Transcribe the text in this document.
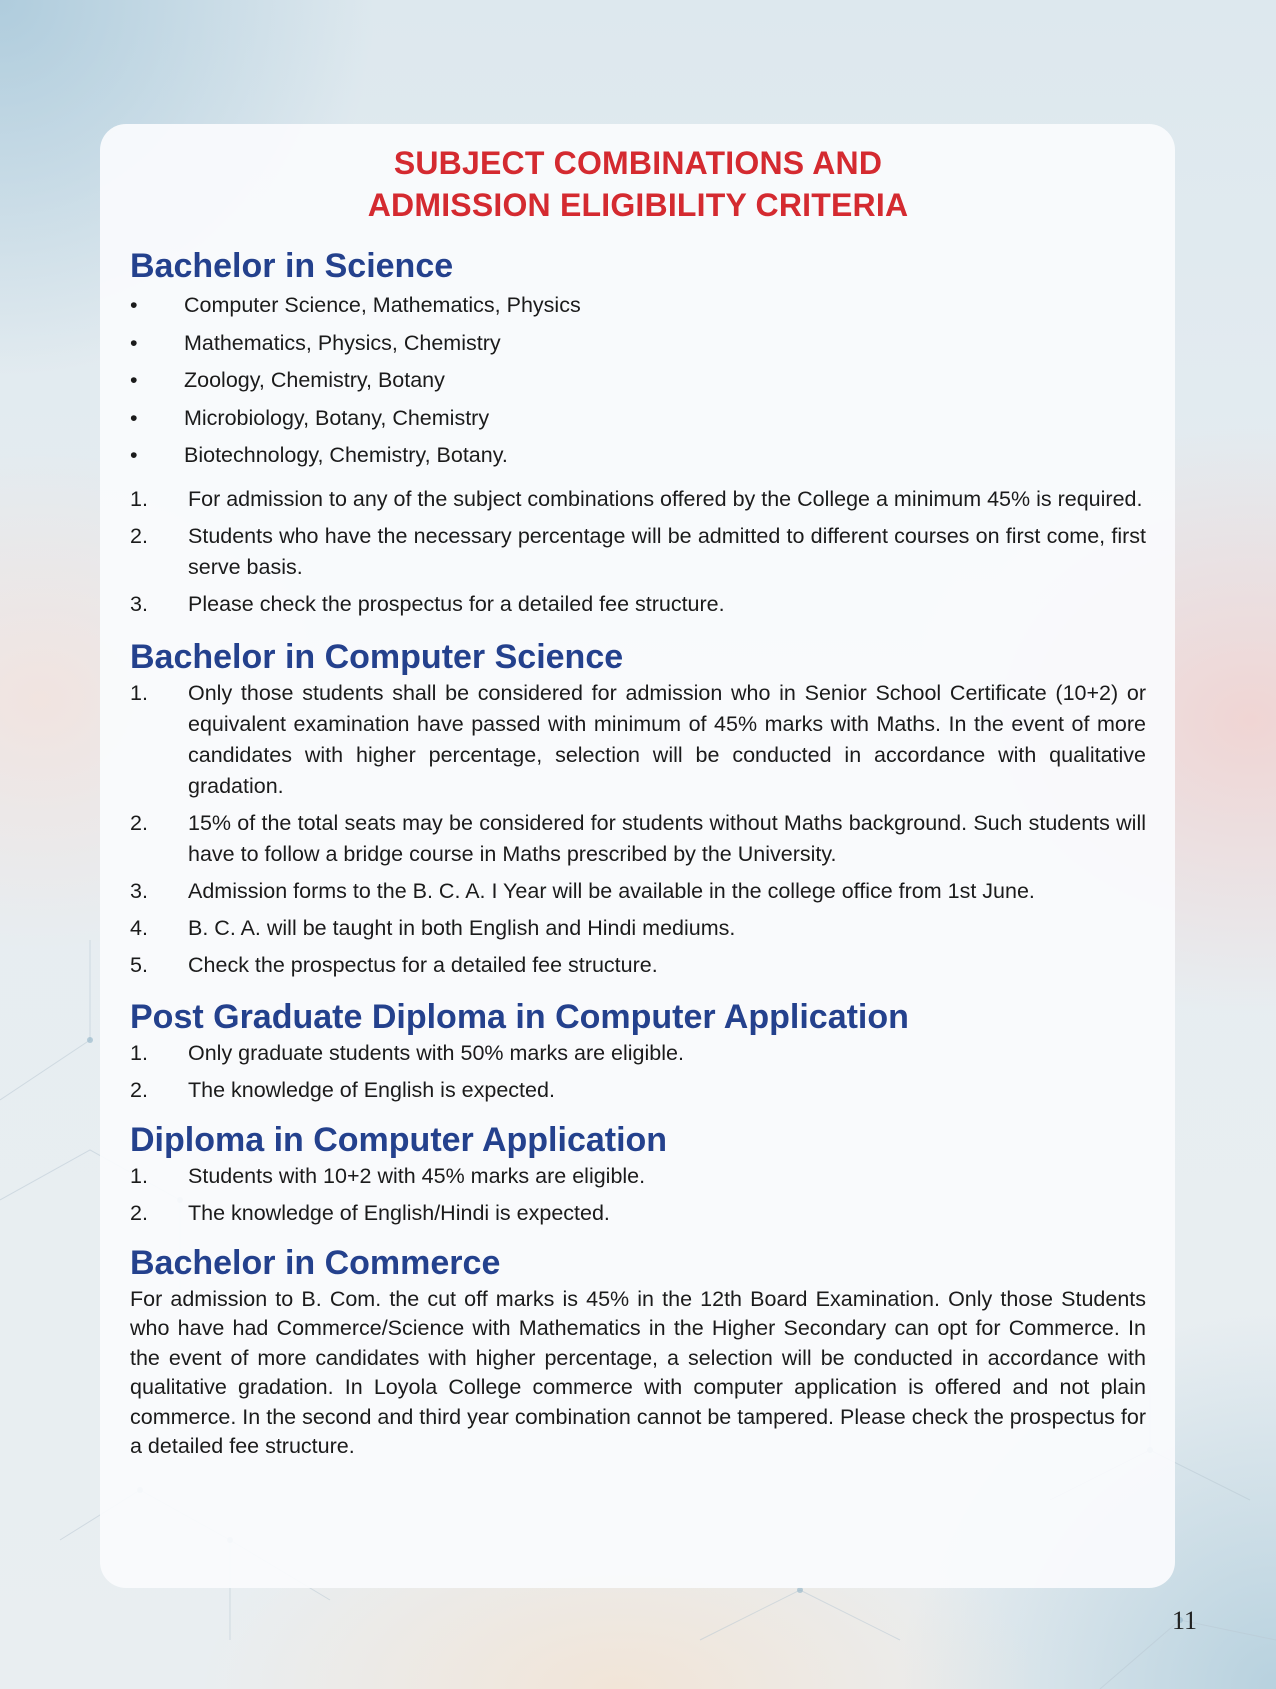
SUBJECT COMBINATIONS AND
ADMISSION ELIGIBILITY CRITERIA
Bachelor in Science
• Computer Science, Mathematics, Physics
• Mathematics, Physics, Chemistry
• Zoology, Chemistry, Botany
• Microbiology, Botany, Chemistry
• Biotechnology, Chemistry, Botany.
1. For admission to any of the subject combinations offered by the College a minimum 45% is required.
2. Students who have the necessary percentage will be admitted to different courses on first come, first serve basis.
3. Please check the prospectus for a detailed fee structure.
Bachelor in Computer Science
1. Only those students shall be considered for admission who in Senior School Certificate (10+2) or equivalent examination have passed with minimum of 45% marks with Maths. In the event of more candidates with higher percentage, selection will be conducted in accordance with qualitative gradation.
2. 15% of the total seats may be considered for students without Maths background. Such students will have to follow a bridge course in Maths prescribed by the University.
3. Admission forms to the B. C. A. I Year will be available in the college office from 1st June.
4. B. C. A. will be taught in both English and Hindi mediums.
5. Check the prospectus for a detailed fee structure.
Post Graduate Diploma in Computer Application
1. Only graduate students with 50% marks are eligible.
2. The knowledge of English is expected.
Diploma in Computer Application
1. Students with 10+2 with 45% marks are eligible.
2. The knowledge of English/Hindi is expected.
Bachelor in Commerce

For admission to B. Com. the cut off marks is 45% in the 12th Board Examination. Only those Students who have had Commerce/Science with Mathematics in the Higher Secondary can opt for Commerce. In the event of more candidates with higher percentage, a selection will be conducted in accordance with qualitative gradation. In Loyola College commerce with computer application is offered and not plain commerce. In the second and third year combination cannot be tampered. Please check the prospectus for a detailed fee structure.

11
